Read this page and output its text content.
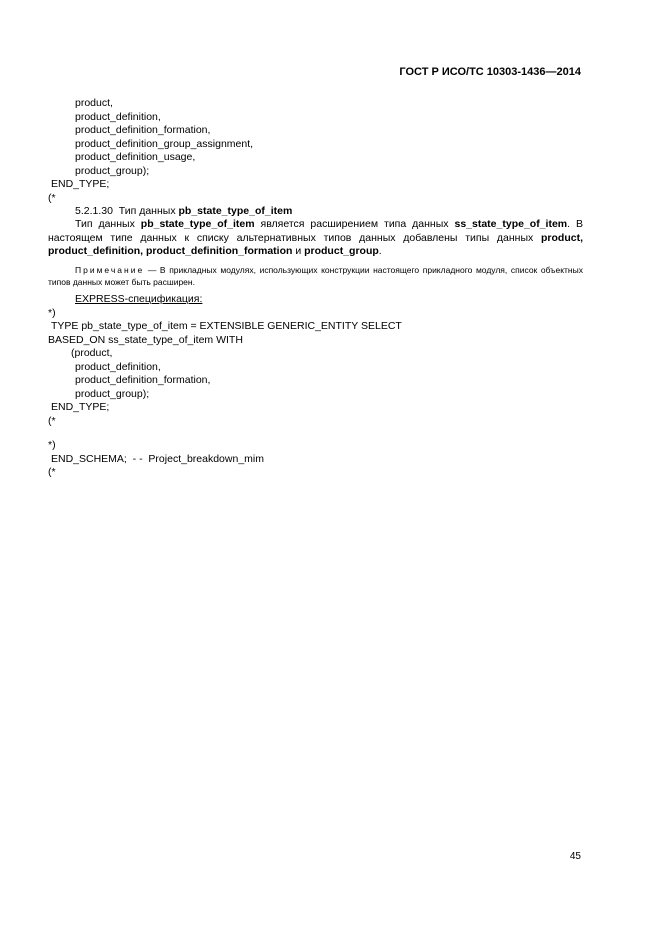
ГОСТ Р ИСО/ТС 10303-1436—2014
product,
product_definition,
product_definition_formation,
product_definition_group_assignment,
product_definition_usage,
product_group);
END_TYPE;
(*
5.2.1.30 Тип данных pb_state_type_of_item
Тип данных pb_state_type_of_item является расширением типа данных ss_state_type_of_item. В настоящем типе данных к списку альтернативных типов данных добавлены типы данных product, product_definition, product_definition_formation и product_group.
Примечание — В прикладных модулях, использующих конструкции настоящего прикладного модуля, список объектных типов данных может быть расширен.
EXPRESS-спецификация:
*)
TYPE pb_state_type_of_item = EXTENSIBLE GENERIC_ENTITY SELECT
BASED_ON ss_state_type_of_item WITH
(product,
product_definition,
product_definition_formation,
product_group);
END_TYPE;
(*
*)
END_SCHEMA;  - -  Project_breakdown_mim
(*
45
